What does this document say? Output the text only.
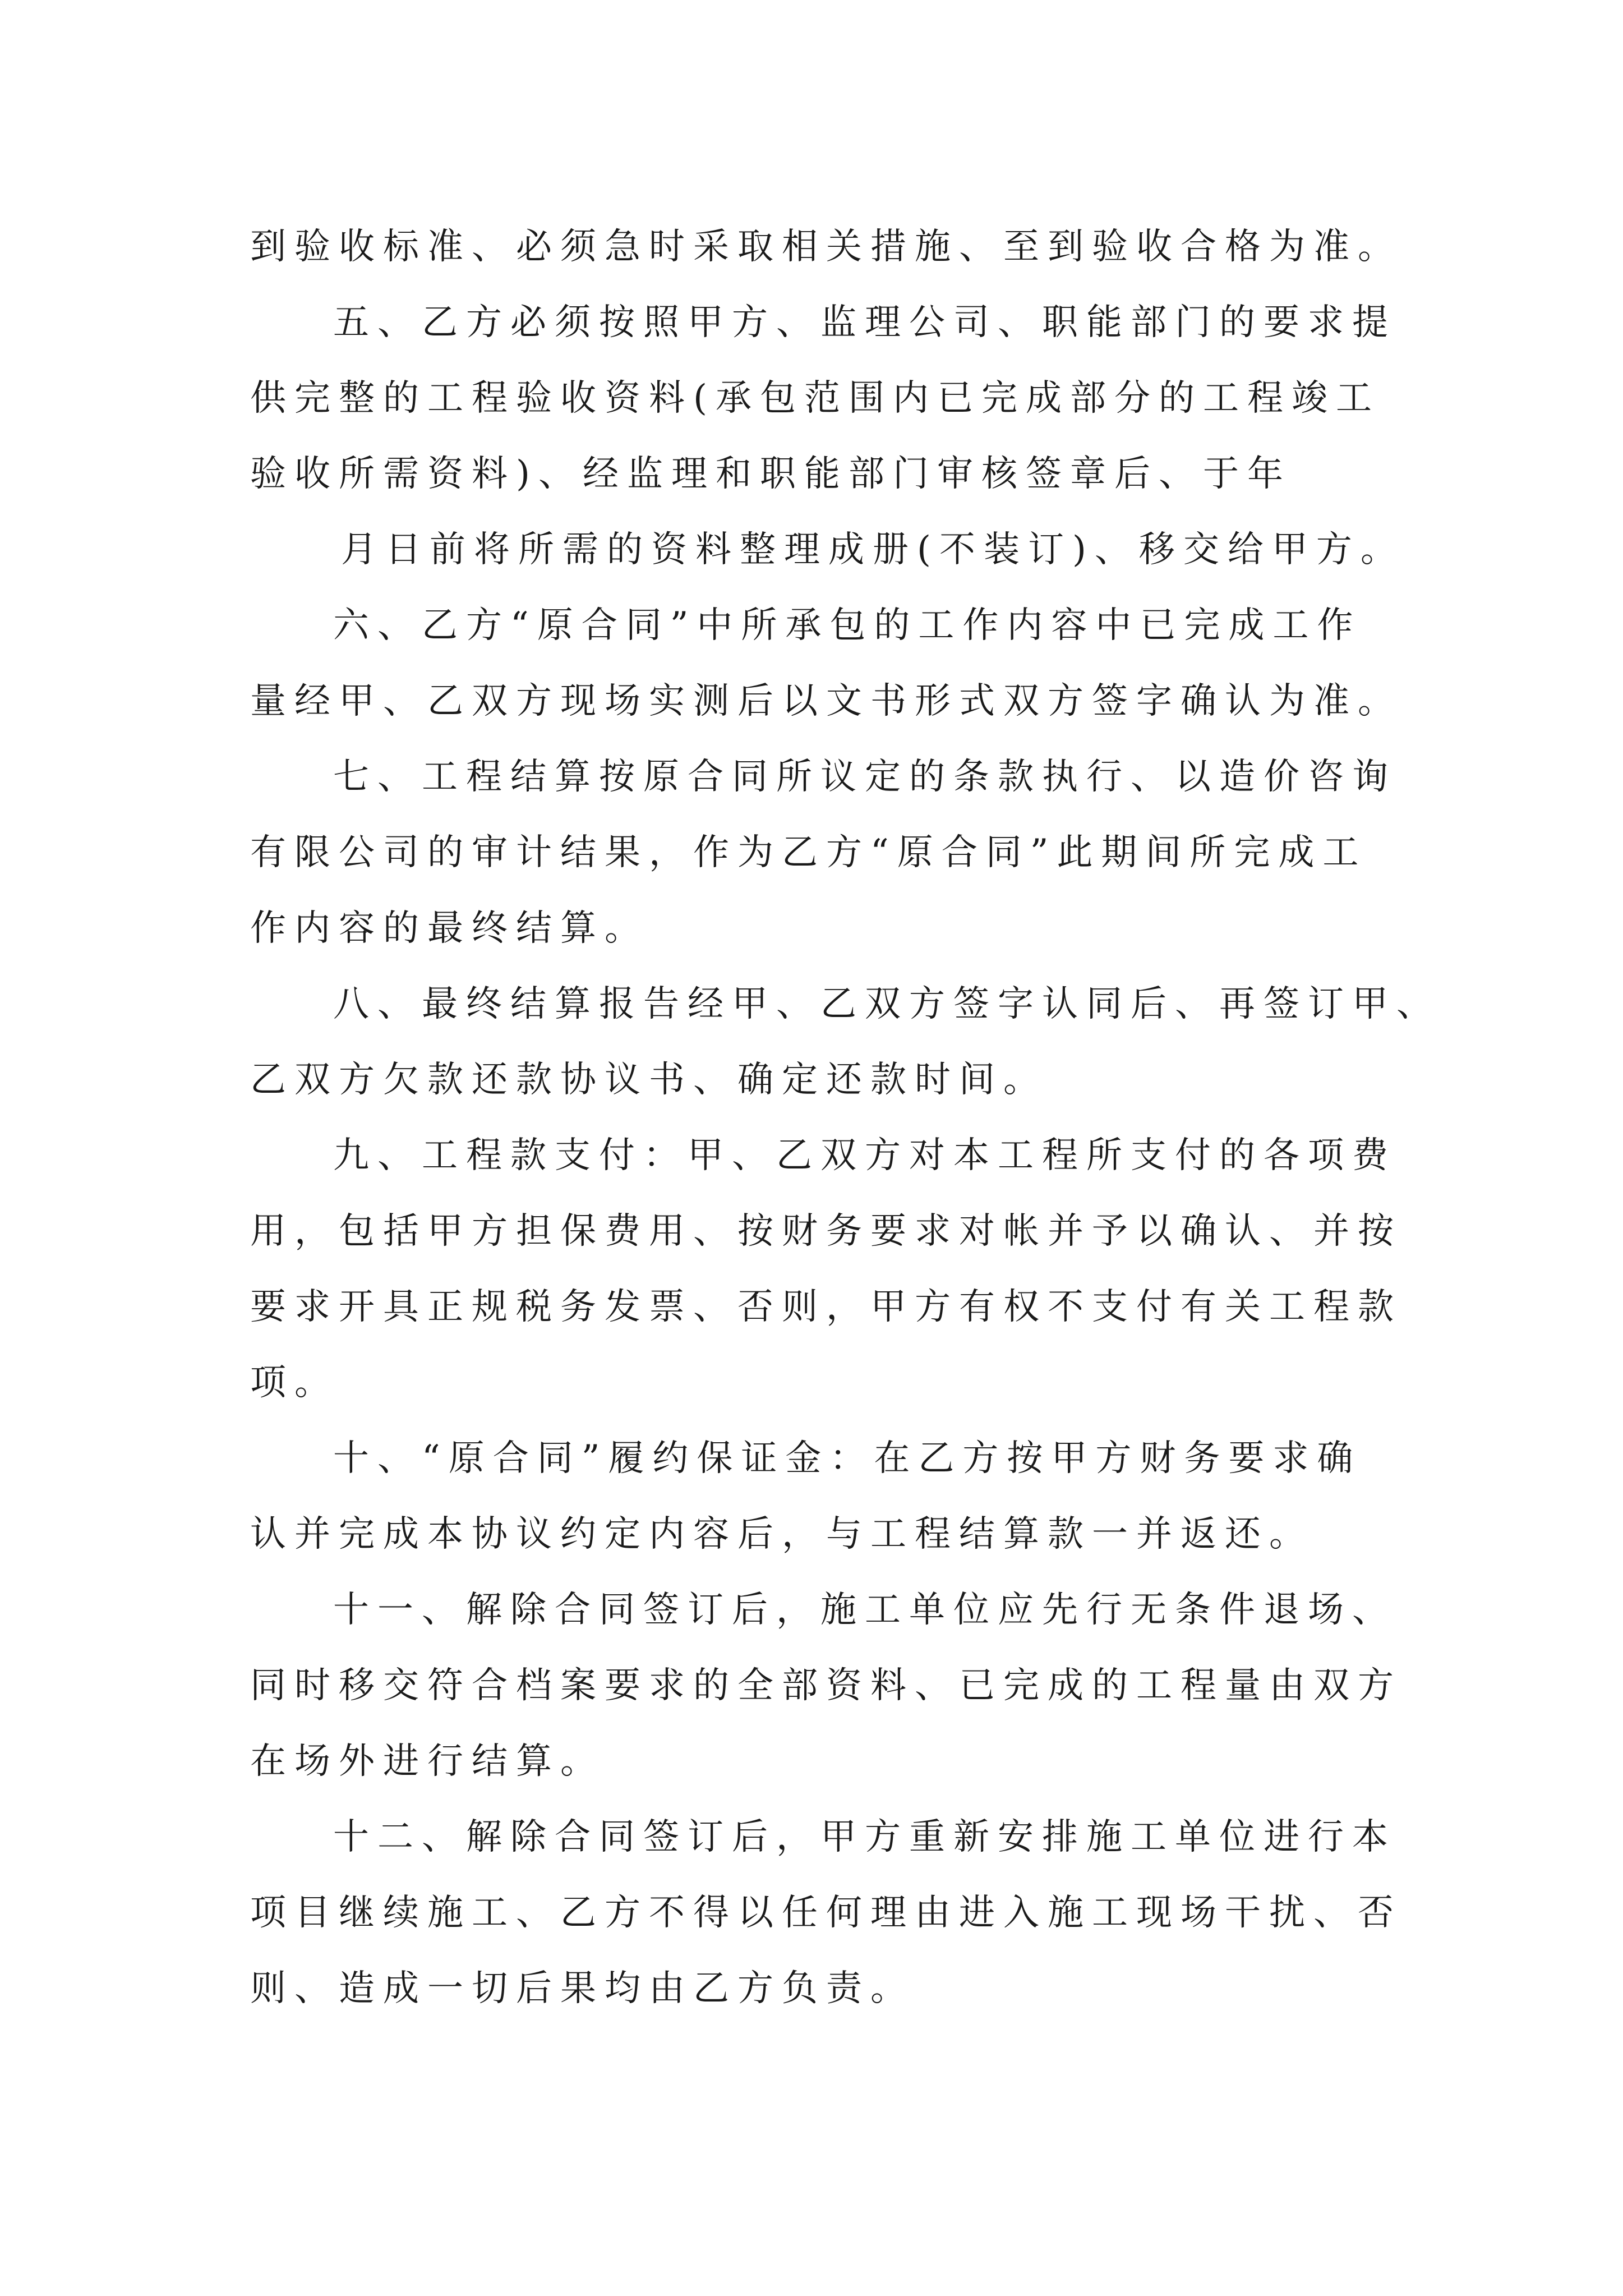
到验收标准、必须急时采取相关措施、至到验收合格为准。
五、乙方必须按照甲方、监理公司、职能部门的要求提
供完整的工程验收资料(承包范围内已完成部分的工程竣工
验收所需资料)、经监理和职能部门审核签章后、于年
月日前将所需的资料整理成册(不装订)、移交给甲方。
六、乙方“原合同”中所承包的工作内容中已完成工作
量经甲、乙双方现场实测后以文书形式双方签字确认为准。
七、工程结算按原合同所议定的条款执行、以造价咨询
有限公司的审计结果，作为乙方“原合同”此期间所完成工
作内容的最终结算。
八、最终结算报告经甲、乙双方签字认同后、再签订甲、
乙双方欠款还款协议书、确定还款时间。
九、工程款支付：甲、乙双方对本工程所支付的各项费
用，包括甲方担保费用、按财务要求对帐并予以确认、并按
要求开具正规税务发票、否则，甲方有权不支付有关工程款
项。
十、“原合同”履约保证金：在乙方按甲方财务要求确
认并完成本协议约定内容后，与工程结算款一并返还。
十一、解除合同签订后，施工单位应先行无条件退场、
同时移交符合档案要求的全部资料、已完成的工程量由双方
在场外进行结算。
十二、解除合同签订后，甲方重新安排施工单位进行本
项目继续施工、乙方不得以任何理由进入施工现场干扰、否
则、造成一切后果均由乙方负责。
